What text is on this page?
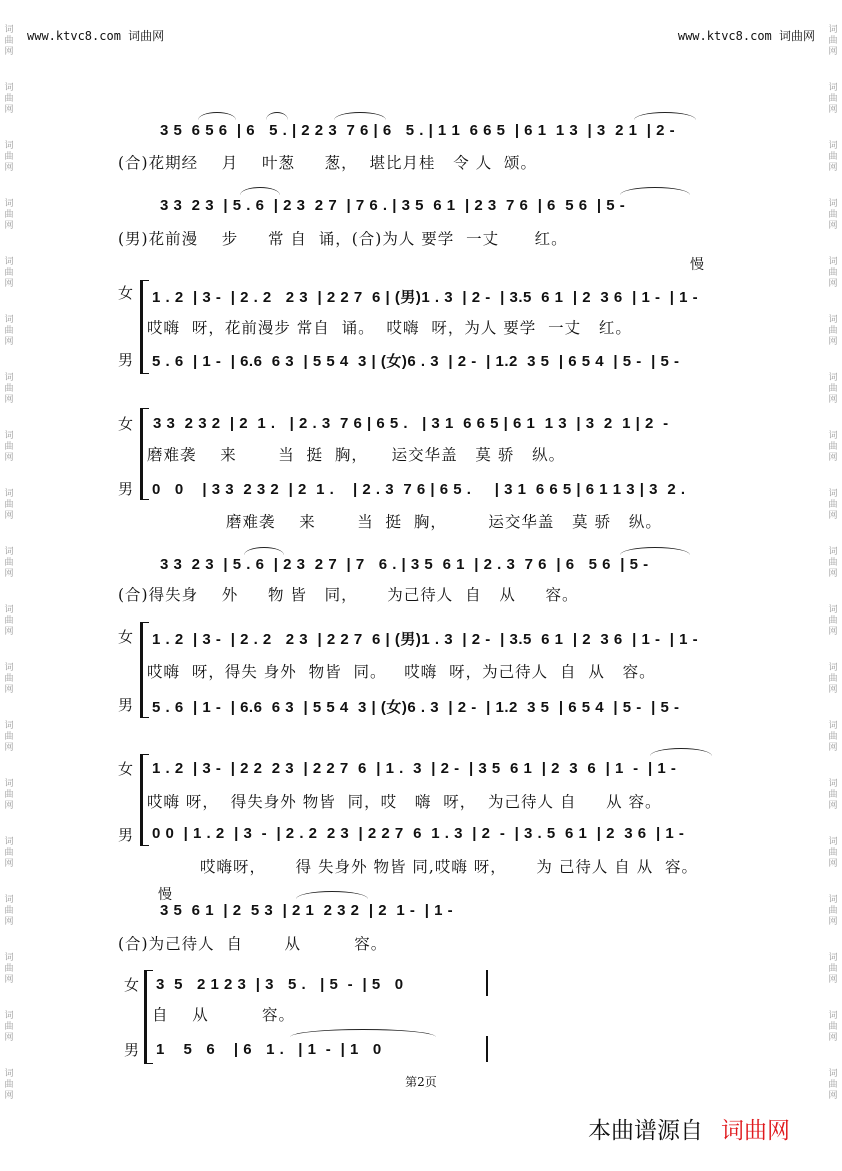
www.ktvc8.com 词曲网	www.ktvc8.com 词曲网
词
曲
网
词
曲
网
词
曲
网
词
曲
网
词
曲
网
词
曲
网
词
曲
网
词
曲
网
词
曲
网
词
曲
网
词
曲
网
词
曲
网
词
曲
网
词
曲
网
词
曲
网
词
曲
网
词
曲
网
词
曲
网
词
曲
网
词
曲
网
词
曲
网
词
曲
网
词
曲
网
词
曲
网
词
曲
网
词
曲
网
词
曲
网
词
曲
网
词
曲
网
词
曲
网
词
曲
网
词
曲
网
词
曲
网
词
曲
网
词
曲
网
词
曲
网
词
曲
网
词
曲
网
3 5  6 5 6  | 6   5 . | 2 2 3  7 6 | 6   5 . | 1 1  6 6 5  | 6 1  1 3  | 3  2 1  | 2 -
(合)花期经    月    叶葱     葱，  堪比月桂   令 人  颂。
3 3  2 3  | 5 . 6  | 2 3  2 7  | 7 6 . | 3 5  6 1  | 2 3  7 6  | 6  5 6  | 5 -
(男)花前漫    步     常 自  诵，(合)为人 要学  一丈      红。
慢
女 1 . 2  | 3 -  | 2 . 2   2 3  | 2 2 7  6 | (男)1 . 3  | 2 -  | 3.5  6 1  | 2  3 6  | 1 -  | 1 -
哎嗨  呀，花前漫步 常自  诵。  哎嗨  呀，为人 要学  一丈   红。
男 5 . 6  | 1 -  | 6.6  6 3  | 5 5 4  3 | (女)6 . 3  | 2 -  | 1.2  3 5  | 6 5 4  | 5 -  | 5 -
女 3 3  2 3 2  | 2  1 .   | 2 . 3  7 6 | 6 5 .   | 3 1  6 6 5 | 6 1  1 3  | 3  2  1 | 2  -
磨难袭    来       当  挺  胸，    运交华盖   莫 骄   纵。
男 0   0    | 3 3  2 3 2  | 2  1 .    | 2 . 3  7 6 | 6 5 .     | 3 1  6 6 5 | 6 1 1 3 | 3  2 .
磨难袭    来       当  挺  胸，       运交华盖   莫 骄   纵。
3 3  2 3  | 5 . 6  | 2 3  2 7  | 7   6 . | 3 5  6 1  | 2 . 3  7 6  | 6   5 6  | 5 -
(合)得失身    外     物 皆   同，     为己待人  自   从     容。
女 1 . 2  | 3 -  | 2 . 2   2 3  | 2 2 7  6 | (男)1 . 3  | 2 -  | 3.5  6 1  | 2  3 6  | 1 -  | 1 -
哎嗨  呀，得失 身外  物皆  同。   哎嗨  呀，为己待人  自  从   容。
男 5 . 6  | 1 -  | 6.6  6 3  | 5 5 4  3 | (女)6 . 3  | 2 -  | 1.2  3 5  | 6 5 4  | 5 -  | 5 -
女 1 . 2  | 3 -  | 2 2  2 3  | 2 2 7  6  | 1 .  3  | 2 -  | 3 5  6 1  | 2  3  6  | 1  -  | 1 -
哎嗨 呀，  得失身外 物皆  同，哎   嗨  呀，  为己待人 自     从 容。
男 0 0  | 1 . 2  | 3  -  | 2 . 2  2 3  | 2 2 7  6  1 . 3  | 2  -  | 3 . 5  6 1  | 2  3 6  | 1 -
哎嗨呀，     得 失身外 物皆 同,哎嗨 呀，     为 己待人 自 从  容。
慢
3 5  6 1  | 2  5 3  | 2 1  2 3 2  | 2  1 -  | 1 -
(合)为己待人  自       从         容。
女 3  5   2 1 2 3  | 3   5 .   | 5  -  | 5   0
自    从         容。
男 1    5   6    | 6   1 .   | 1  -  | 1   0
第2页
本曲谱源自 词曲网
